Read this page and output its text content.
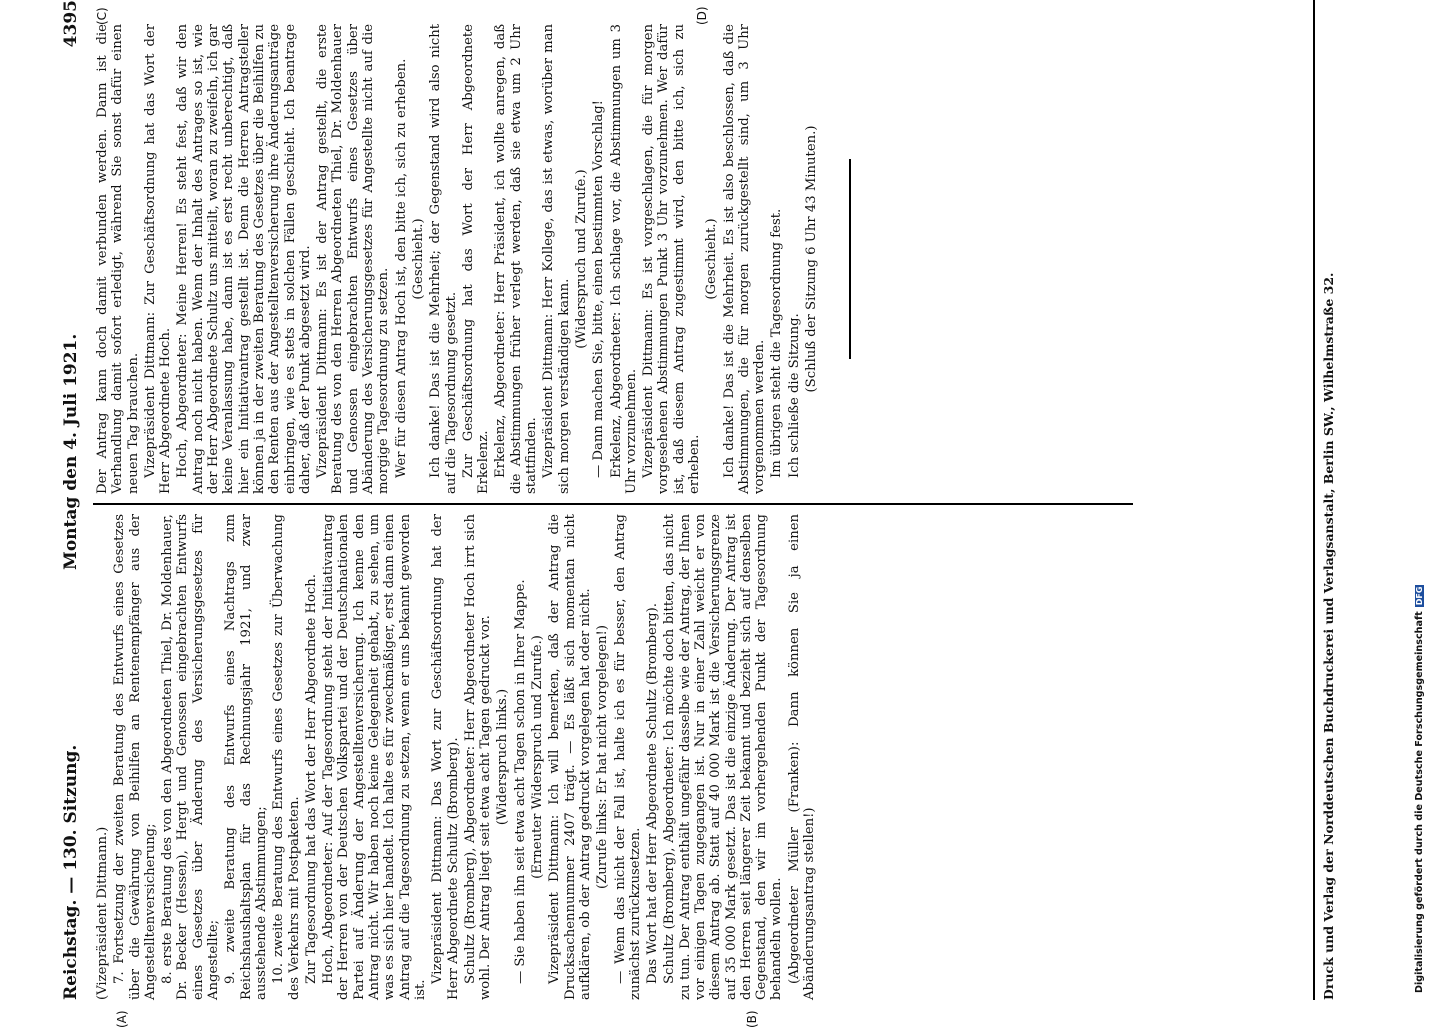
Reichstag. — 130. Sitzung.
Montag den 4. Juli 1921.
4395
(A)	(B)
(C)	(D)

(Vizepräsident Dittmann.) 7. Fortsetzung der zweiten Beratung des Entwurfs eines Gesetzes über die Gewährung von Beihilfen an Rentenempfänger aus der Angestelltenversicherung; 8. erste Beratung des von den Abgeordneten Thiel, Dr. Moldenhauer, Dr. Becker (Hessen), Hergt und Genossen eingebrachten Entwurfs eines Gesetzes über Änderung des Versicherungsgesetzes für Angestellte; 9. zweite Beratung des Entwurfs eines Nachtrags zum Reichshaushaltsplan für das Rechnungsjahr 1921, und zwar ausstehende Abstimmungen; 10. zweite Beratung des Entwurfs eines Gesetzes zur Überwachung des Verkehrs mit Postpaketen. Zur Tagesordnung hat das Wort der Herr Abgeordnete Hoch. Hoch, Abgeordneter: Auf der Tagesordnung steht der Initiativantrag der Herren von der Deutschen Volkspartei und der Deutschnationalen Partei auf Änderung der Angestelltenversicherung. Ich kenne den Antrag nicht. Wir haben noch keine Gelegenheit gehabt, zu sehen, um was es sich hier handelt. Ich halte es für zweckmäßiger, erst dann einen Antrag auf die Tagesordnung zu setzen, wenn er uns bekannt geworden ist.

Vizepräsident Dittmann: Das Wort zur Geschäftsordnung hat der Herr Abgeordnete Schultz (Bromberg). Schultz (Bromberg), Abgeordneter: Herr Abgeordneter Hoch irrt sich wohl. Der Antrag liegt seit etwa acht Tagen gedruckt vor. (Widerspruch links.) — Sie haben ihn seit etwa acht Tagen schon in Ihrer Mappe. (Erneuter Widerspruch und Zurufe.) Vizepräsident Dittmann: Ich will bemerken, daß der Antrag die Drucksachennummer 2407 trägt. — Es läßt sich momentan nicht aufklären, ob der Antrag gedruckt vorgelegen hat oder nicht. (Zurufe links: Er hat nicht vorgelegen!) — Wenn das nicht der Fall ist, halte ich es für besser, den Antrag zunächst zurückzusetzen. Das Wort hat der Herr Abgeordnete Schultz (Bromberg). Schultz (Bromberg), Abgeordneter: Ich möchte doch bitten, das nicht zu tun. Der Antrag enthält ungefähr dasselbe wie der Antrag, der Ihnen vor einigen Tagen zugegangen ist. Nur in einer Zahl weicht er von diesem Antrag ab. Statt auf 40 000 Mark ist die Versicherungsgrenze auf 35 000 Mark gesetzt. Das ist die einzige Änderung. Der Antrag ist den Herren seit längerer Zeit bekannt und bezieht sich auf denselben Gegenstand, den wir im vorhergehenden Punkt der Tagesordnung behandeln wollen. (Abgeordneter Müller (Franken): Dann können Sie ja einen Abänderungsantrag stellen!)

Der Antrag kann doch damit verbunden werden. Dann ist die Verhandlung damit sofort erledigt, während Sie sonst dafür einen neuen Tag brauchen. Vizepräsident Dittmann: Zur Geschäftsordnung hat das Wort der Herr Abgeordnete Hoch. Hoch, Abgeordneter: Meine Herren! Es steht fest, daß wir den Antrag noch nicht haben. Wenn der Inhalt des Antrages so ist, wie der Herr Abgeordnete Schultz uns mitteilt, woran zu zweifeln, ich gar keine Veranlassung habe, dann ist es erst recht unberechtigt, daß hier ein Initiativantrag gestellt ist. Denn die Herren Antragsteller können ja in der zweiten Beratung des Gesetzes über die Beihilfen zu den Renten aus der Angestelltenversicherung ihre Änderungsanträge einbringen, wie es stets in solchen Fällen geschieht. Ich beantrage daher, daß der Punkt abgesetzt wird. Vizepräsident Dittmann: Es ist der Antrag gestellt, die erste Beratung des von den Herren Abgeordneten Thiel, Dr. Moldenhauer und Genossen eingebrachten Entwurfs eines Gesetzes über Abänderung des Versicherungsgesetzes für Angestellte nicht auf die morgige Tagesordnung zu setzen. Wer für diesen Antrag Hoch ist, den bitte ich, sich zu erheben. (Geschieht.) Ich danke! Das ist die Mehrheit; der Gegenstand wird also nicht auf die Tagesordnung gesetzt. Zur Geschäftsordnung hat das Wort der Herr Abgeordnete Erkelenz. Erkelenz, Abgeordneter: Herr Präsident, ich wollte anregen, daß die Abstimmungen früher verlegt werden, daß sie etwa um 2 Uhr stattfinden. Vizepräsident Dittmann: Herr Kollege, das ist etwas, worüber man sich morgen verständigen kann.

(Widerspruch und Zurufe.) — Dann machen Sie, bitte, einen bestimmten Vorschlag! Erkelenz, Abgeordneter: Ich schlage vor, die Abstimmungen um 3 Uhr vorzunehmen. Vizepräsident Dittmann: Es ist vorgeschlagen, die für morgen vorgesehenen Abstimmungen Punkt 3 Uhr vorzunehmen. Wer dafür ist, daß diesem Antrag zugestimmt wird, den bitte ich, sich zu erheben.

(Geschieht.) Ich danke! Das ist die Mehrheit. Es ist also beschlossen, daß die Abstimmungen, die für morgen zurückgestellt sind, um 3 Uhr vorgenommen werden. Im übrigen steht die Tagesordnung fest. Ich schließe die Sitzung.

(Schluß der Sitzung 6 Uhr 43 Minuten.)

Druck und Verlag der Norddeutschen Buchdruckerei und Verlagsanstalt, Berlin SW., Wilhelmstraße 32.	Digitalisierung gefördert durch die Deutsche ForschungsgemeinschaftDFG
